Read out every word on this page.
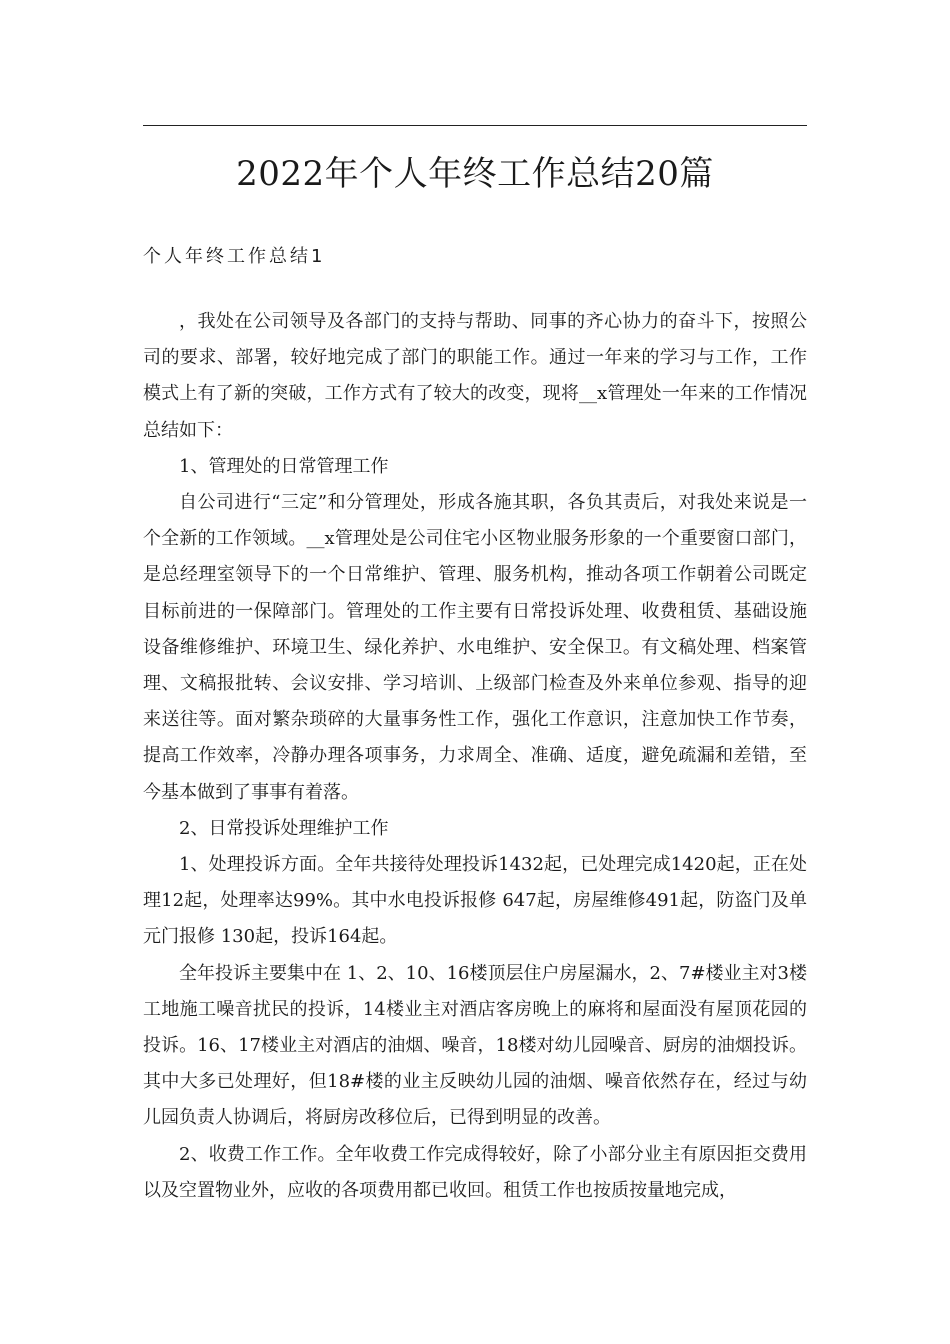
2022年个人年终工作总结20篇
个人年终工作总结1

，我处在公司领导及各部门的支持与帮助、同事的齐心协力的奋斗下，按照公司的要求、部署，较好地完成了部门的职能工作。通过一年来的学习与工作，工作模式上有了新的突破，工作方式有了较大的改变，现将__x管理处一年来的工作情况总结如下：

1、管理处的日常管理工作

自公司进行“三定”和分管理处，形成各施其职，各负其责后，对我处来说是一个全新的工作领域。__x管理处是公司住宅小区物业服务形象的一个重要窗口部门，是总经理室领导下的一个日常维护、管理、服务机构，推动各项工作朝着公司既定目标前进的一保障部门。管理处的工作主要有日常投诉处理、收费租赁、基础设施设备维修维护、环境卫生、绿化养护、水电维护、安全保卫。有文稿处理、档案管理、文稿报批转、会议安排、学习培训、上级部门检查及外来单位参观、指导的迎来送往等。面对繁杂琐碎的大量事务性工作，强化工作意识，注意加快工作节奏，提高工作效率，冷静办理各项事务，力求周全、准确、适度，避免疏漏和差错，至今基本做到了事事有着落。

2、日常投诉处理维护工作

1、处理投诉方面。全年共接待处理投诉1432起，已处理完成1420起，正在处理12起，处理率达99%。其中水电投诉报修 647起，房屋维修491起，防盗门及单元门报修 130起，投诉164起。

全年投诉主要集中在 1、2、10、16楼顶层住户房屋漏水，2、7#楼业主对3楼工地施工噪音扰民的投诉，14楼业主对酒店客房晚上的麻将和屋面没有屋顶花园的投诉。16、17楼业主对酒店的油烟、噪音，18楼对幼儿园噪音、厨房的油烟投诉。其中大多已处理好，但18#楼的业主反映幼儿园的油烟、噪音依然存在，经过与幼儿园负责人协调后，将厨房改移位后，已得到明显的改善。

2、收费工作工作。全年收费工作完成得较好，除了小部分业主有原因拒交费用以及空置物业外，应收的各项费用都已收回。租赁工作也按质按量地完成，
